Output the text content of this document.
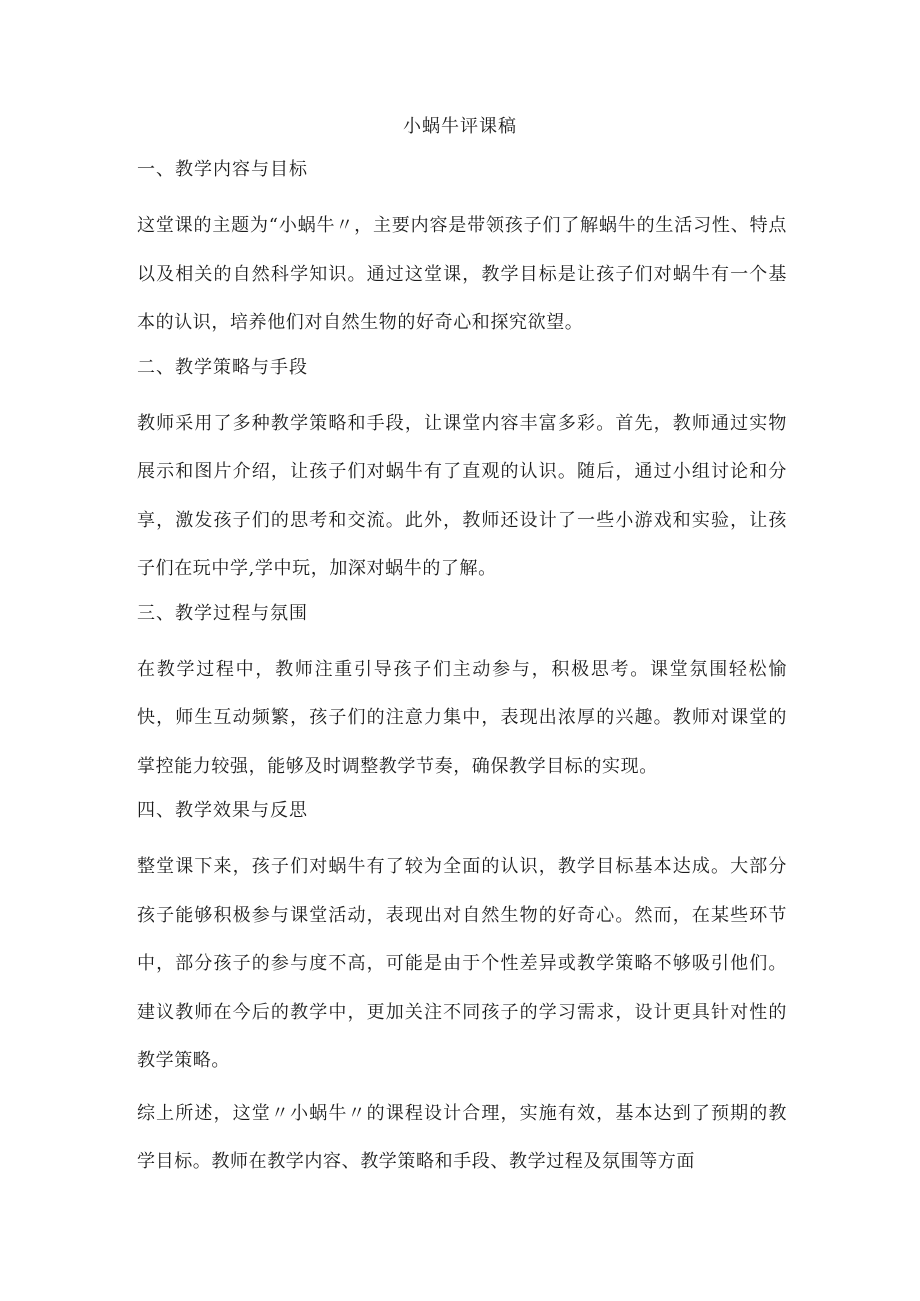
小蜗牛评课稿
一、教学内容与目标
这堂课的主题为“小蜗牛〃，主要内容是带领孩子们了解蜗牛的生活习性、特点以及相关的自然科学知识。通过这堂课，教学目标是让孩子们对蜗牛有一个基本的认识，培养他们对自然生物的好奇心和探究欲望。
二、教学策略与手段
教师采用了多种教学策略和手段，让课堂内容丰富多彩。首先，教师通过实物展示和图片介绍，让孩子们对蜗牛有了直观的认识。随后，通过小组讨论和分享，激发孩子们的思考和交流。此外，教师还设计了一些小游戏和实验，让孩子们在玩中学,学中玩，加深对蜗牛的了解。
三、教学过程与氛围
在教学过程中，教师注重引导孩子们主动参与，积极思考。课堂氛围轻松愉快，师生互动频繁，孩子们的注意力集中，表现出浓厚的兴趣。教师对课堂的掌控能力较强，能够及时调整教学节奏，确保教学目标的实现。
四、教学效果与反思
整堂课下来，孩子们对蜗牛有了较为全面的认识，教学目标基本达成。大部分孩子能够积极参与课堂活动，表现出对自然生物的好奇心。然而，在某些环节中，部分孩子的参与度不高，可能是由于个性差异或教学策略不够吸引他们。建议教师在今后的教学中，更加关注不同孩子的学习需求，设计更具针对性的教学策略。
综上所述，这堂〃小蜗牛〃的课程设计合理，实施有效，基本达到了预期的教学目标。教师在教学内容、教学策略和手段、教学过程及氛围等方面
